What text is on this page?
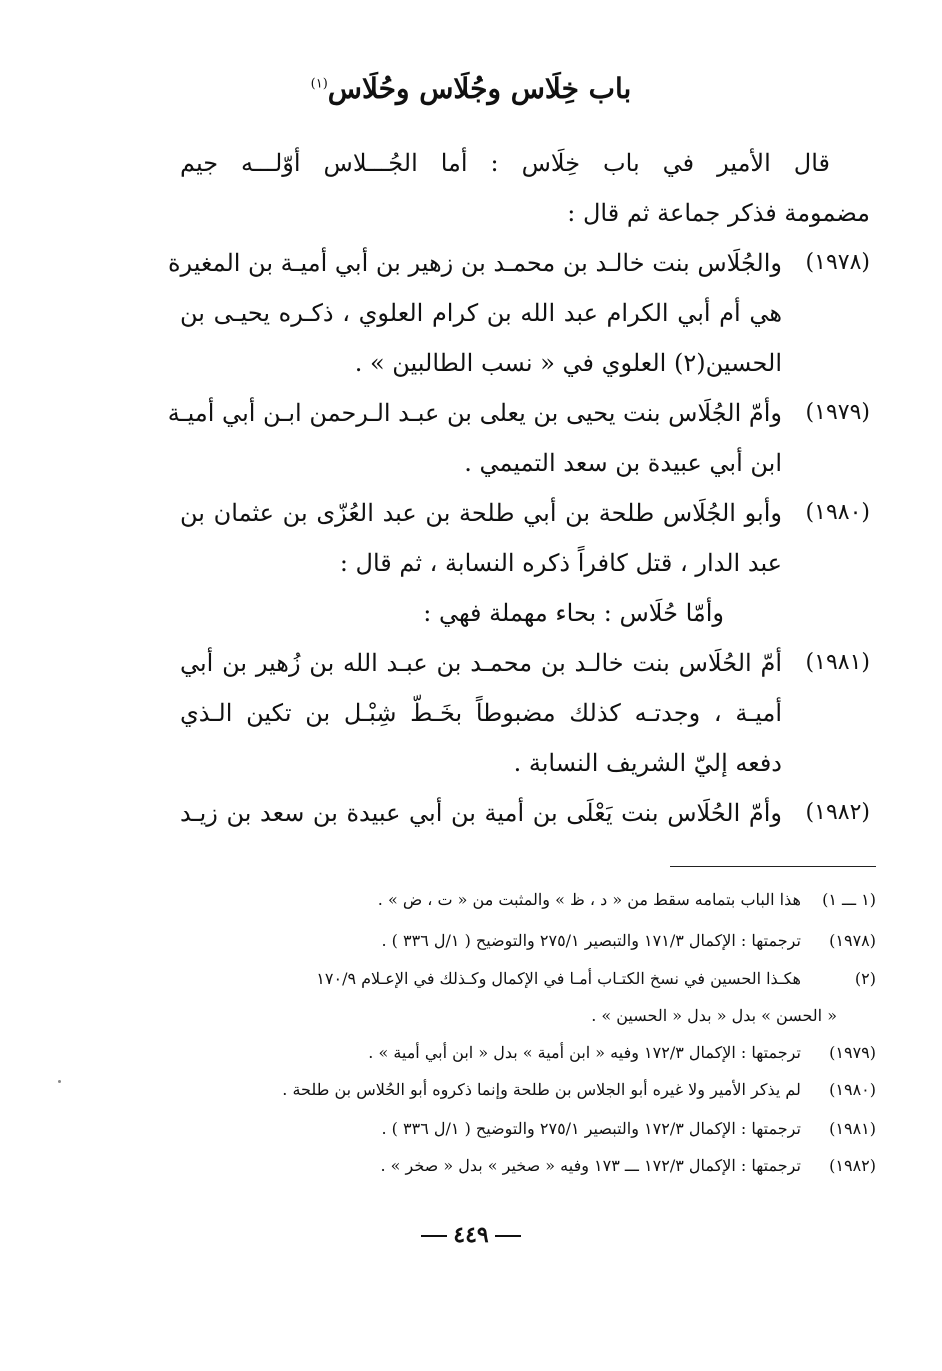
باب خِلَاس وجُلَاس وحُلَاس$^{(١)}$
قال الأمير في باب خِلَاس : أما الجُـــلاس أوّلـــه جيم
مضمومة فذكر جماعة ثم قال :
(١٩٧٨)
والجُلَاس بنت خالـد بن محمـد بن زهير بن أبي أميـة بن المغيرة
هي أم أبي الكرام عبد الله بن كرام العلوي ، ذكـره يحيـى بن
الحسين(٢) العلوي في « نسب الطالبين » .
(١٩٧٩)
وأمّ الجُلَاس بنت يحيى بن يعلى بن عبـد الـرحمن ابـن أبي أميـة
ابن أبي عبيدة بن سعد التميمي .
(١٩٨٠)
وأبو الجُلَاس طلحة بن أبي طلحة بن عبد العُزّى بن عثمان بن
عبد الدار ، قتل كافراً ذكره النسابة ، ثم قال :
وأمّا حُلَاس : بحاء مهملة فهي :
(١٩٨١)
أمّ الحُلَاس بنت خالـد بن محمـد بن عبـد الله بن زُهير بن أبي
أميـة ، وجدتـه كذلك مضبوطاً بخَـطّ شِبْـل بن تكين الـذي
دفعه إليّ الشريف النسابة .
(١٩٨٢)
وأمّ الحُلَاس بنت يَعْلَى بن أمية بن أبي عبيدة بن سعد بن زيـد
(١ ـــ ١) هذا الباب بتمامه سقط من « د ، ظ » والمثبت من « ت ، ض » .
(١٩٧٨) ترجمتها : الإكمال ١٧١/٣ والتبصير ٢٧٥/١ والتوضيح ( ١/ل ٣٣٦ ) .
(٢) هكـذا الحسين في نسخ الكتـاب أمـا في الإكمال وكـذلك في الإعـلام ١٧٠/٩
« الحسن » بدل « بدل « الحسين » .
(١٩٧٩) ترجمتها : الإكمال ١٧٢/٣ وفيه « ابن أمية » بدل « ابن أبي أمية » .
(١٩٨٠) لم يذكر الأمير ولا غيره أبو الجلاس بن طلحة وإنما ذكروه أبو الحُلاس بن طلحة .
(١٩٨١) ترجمتها : الإكمال ١٧٢/٣ والتبصير ٢٧٥/١ والتوضيح ( ١/ل ٣٣٦ ) .
(١٩٨٢) ترجمتها : الإكمال ١٧٢/٣ ـــ ١٧٣ وفيه « صخير » بدل « صخر » .
٤٤٩
